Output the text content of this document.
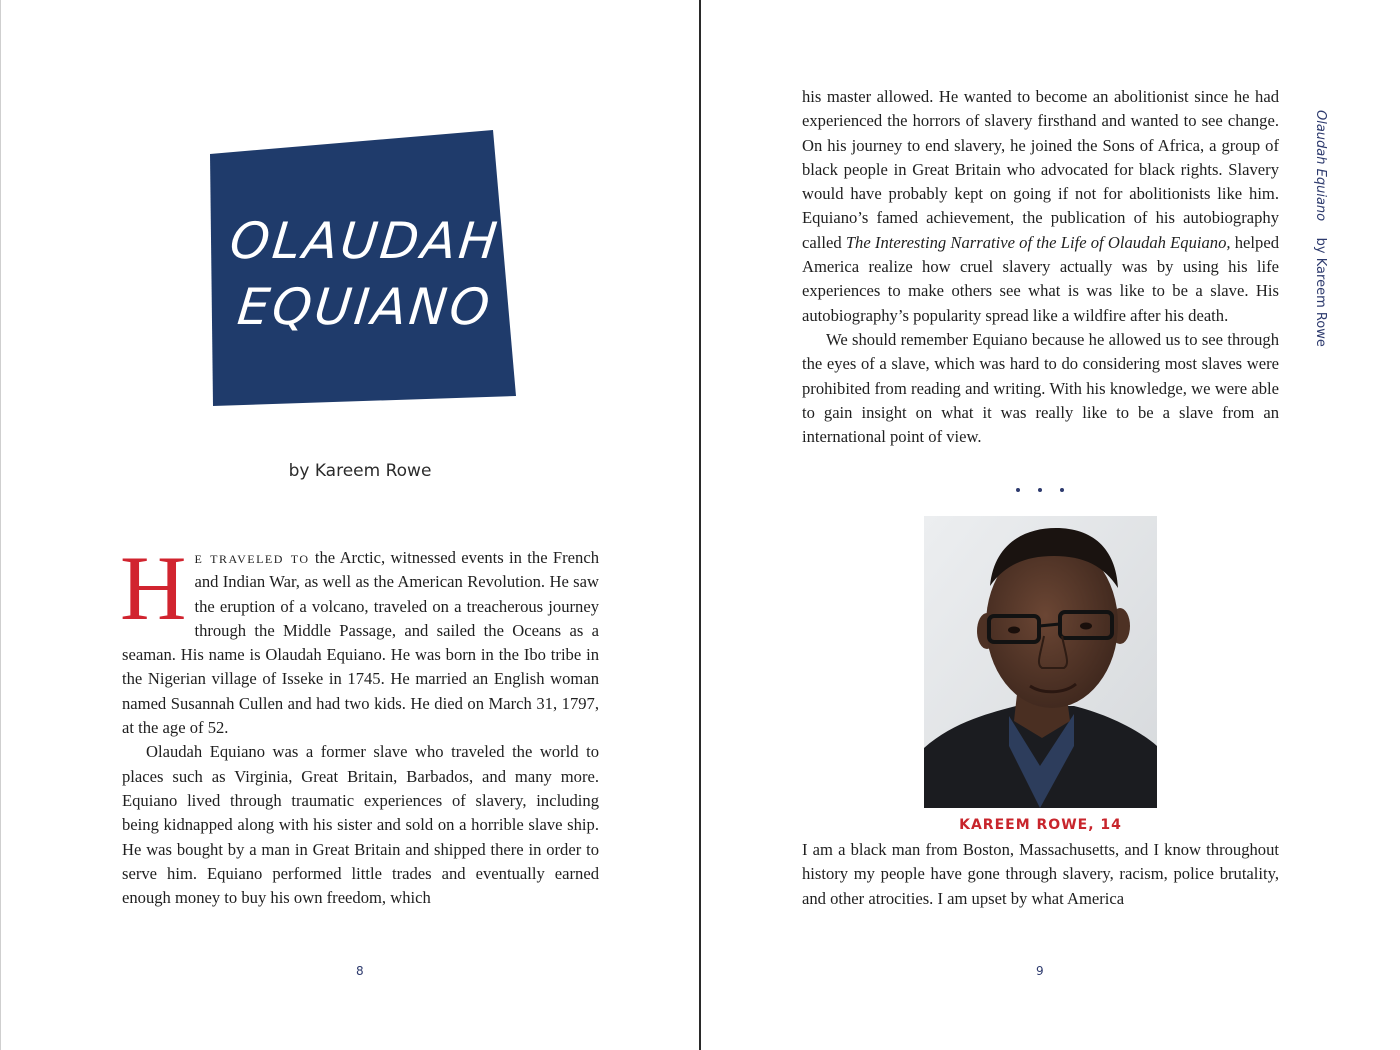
OLAUDAH
EQUIANO
by Kareem Rowe

He traveled to the Arctic, witnessed events in the French and Indian War, as well as the American Revolution. He saw the eruption of a volcano, traveled on a treacherous journey through the Middle Passage, and sailed the Oceans as a seaman. His name is Olaudah Equiano. He was born in the Ibo tribe in the Nigerian village of Isseke in 1745. He married an English woman named Susannah Cullen and had two kids. He died on March 31, 1797, at the age of 52.

Olaudah Equiano was a former slave who traveled the world to places such as Virginia, Great Britain, Barbados, and many more. Equiano lived through traumatic experiences of slavery, including being kidnapped along with his sister and sold on a horrible slave ship. He was bought by a man in Great Britain and shipped there in order to serve him. Equiano performed little trades and eventually earned enough money to buy his own freedom, which

8
Olaudah Equiano    by Kareem Rowe

his master allowed. He wanted to become an abolitionist since he had experienced the horrors of slavery firsthand and wanted to see change. On his journey to end slavery, he joined the Sons of Africa, a group of black people in Great Britain who advocated for black rights. Slavery would have probably kept on going if not for abolitionists like him. Equiano’s famed achievement, the publication of his autobiography called The Interesting Narrative of the Life of Olaudah Equiano, helped America realize how cruel slavery actually was by using his life experiences to make others see what is was like to be a slave. His autobiography’s popularity spread like a wildfire after his death.

We should remember Equiano because he allowed us to see through the eyes of a slave, which was hard to do considering most slaves were prohibited from reading and writing. With his knowledge, we were able to gain insight on what it was really like to be a slave from an international point of view.

KAREEM ROWE, 14

I am a black man from Boston, Massachusetts, and I know throughout history my people have gone through slavery, racism, police brutality, and other atrocities. I am upset by what America

9
